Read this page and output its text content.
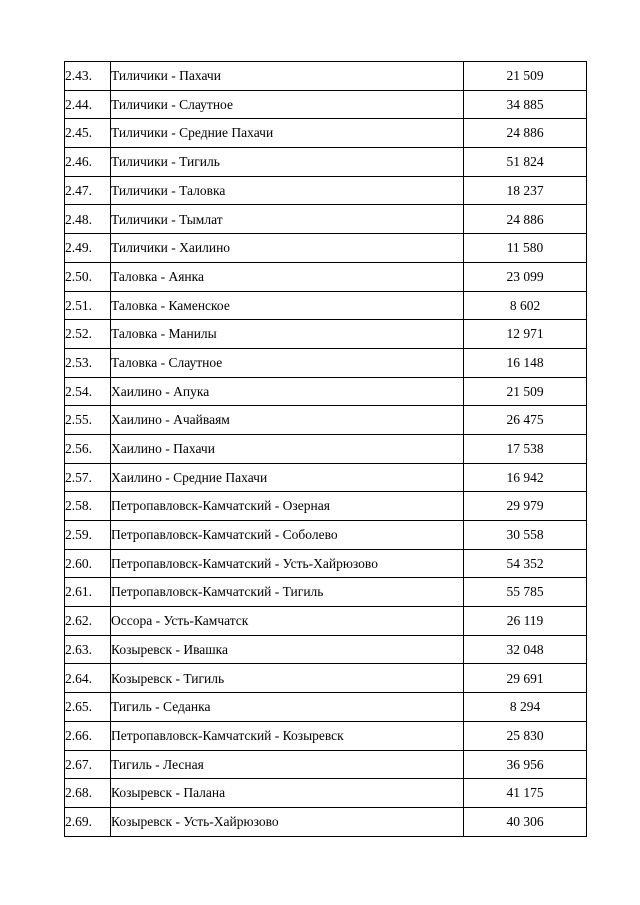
2.43.	Тиличики - Пахачи	21 509
2.44.	Тиличики - Слаутное	34 885
2.45.	Тиличики - Средние Пахачи	24 886
2.46.	Тиличики - Тигиль	51 824
2.47.	Тиличики - Таловка	18 237
2.48.	Тиличики - Тымлат	24 886
2.49.	Тиличики - Хаилино	11 580
2.50.	Таловка - Аянка	23 099
2.51.	Таловка - Каменское	8 602
2.52.	Таловка - Манилы	12 971
2.53.	Таловка - Слаутное	16 148
2.54.	Хаилино - Апука	21 509
2.55.	Хаилино - Ачайваям	26 475
2.56.	Хаилино - Пахачи	17 538
2.57.	Хаилино - Средние Пахачи	16 942
2.58.	Петропавловск-Камчатский - Озерная	29 979
2.59.	Петропавловск-Камчатский - Соболево	30 558
2.60.	Петропавловск-Камчатский - Усть-Хайрюзово	54 352
2.61.	Петропавловск-Камчатский - Тигиль	55 785
2.62.	Оссора - Усть-Камчатск	26 119
2.63.	Козыревск - Ивашка	32 048
2.64.	Козыревск - Тигиль	29 691
2.65.	Тигиль - Седанка	8 294
2.66.	Петропавловск-Камчатский - Козыревск	25 830
2.67.	Тигиль - Лесная	36 956
2.68.	Козыревск - Палана	41 175
2.69.	Козыревск - Усть-Хайрюзово	40 306
